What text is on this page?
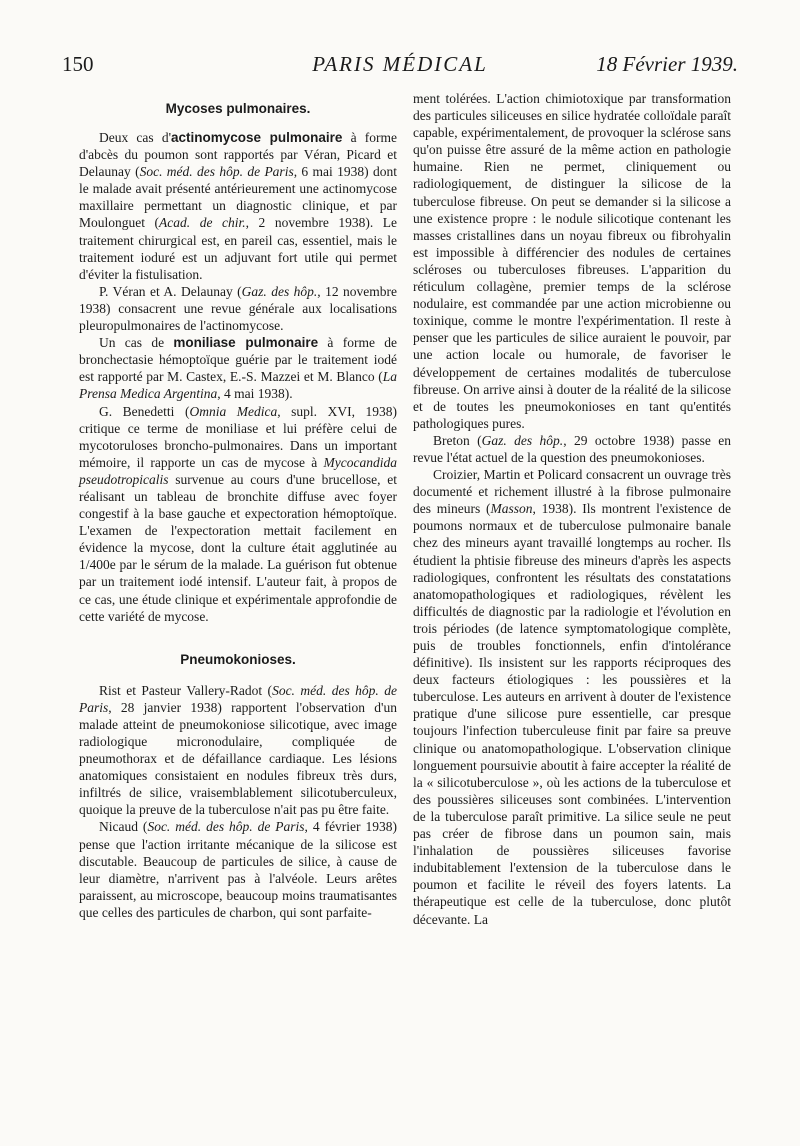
150	PARIS MÉDICAL	18 Février 1939.
Mycoses pulmonaires.

Deux cas d'actinomycose pulmonaire à forme d'abcès du poumon sont rapportés par Véran, Picard et Delaunay (Soc. méd. des hôp. de Paris, 6 mai 1938) dont le malade avait présenté antérieurement une actinomycose maxillaire permettant un diagnostic clinique, et par Moulonguet (Acad. de chir., 2 novembre 1938). Le traitement chirurgical est, en pareil cas, essentiel, mais le traitement ioduré est un adjuvant fort utile qui permet d'éviter la fistulisation.

P. Véran et A. Delaunay (Gaz. des hôp., 12 novembre 1938) consacrent une revue générale aux localisations pleuropulmonaires de l'actinomycose.

Un cas de moniliase pulmonaire à forme de bronchectasie hémoptoïque guérie par le traitement iodé est rapporté par M. Castex, E.-S. Mazzei et M. Blanco (La Prensa Medica Argentina, 4 mai 1938).

G. Benedetti (Omnia Medica, supl. XVI, 1938) critique ce terme de moniliase et lui préfère celui de mycotoruloses broncho-pulmonaires. Dans un important mémoire, il rapporte un cas de mycose à Mycocandida pseudotropicalis survenue au cours d'une brucellose, et réalisant un tableau de bronchite diffuse avec foyer congestif à la base gauche et expectoration hémoptoïque. L'examen de l'expectoration mettait facilement en évidence la mycose, dont la culture était agglutinée au 1/400e par le sérum de la malade. La guérison fut obtenue par un traitement iodé intensif. L'auteur fait, à propos de ce cas, une étude clinique et expérimentale approfondie de cette variété de mycose.

Pneumokonioses.

Rist et Pasteur Vallery-Radot (Soc. méd. des hôp. de Paris, 28 janvier 1938) rapportent l'observation d'un malade atteint de pneumokoniose silicotique, avec image radiologique micronodulaire, compliquée de pneumothorax et de défaillance cardiaque. Les lésions anatomiques consistaient en nodules fibreux très durs, infiltrés de silice, vraisemblablement silicotuberculeux, quoique la preuve de la tuberculose n'ait pas pu être faite.

Nicaud (Soc. méd. des hôp. de Paris, 4 février 1938) pense que l'action irritante mécanique de la silicose est discutable. Beaucoup de particules de silice, à cause de leur diamètre, n'arrivent pas à l'alvéole. Leurs arêtes paraissent, au microscope, beaucoup moins traumatisantes que celles des particules de charbon, qui sont parfaite-

ment tolérées. L'action chimiotoxique par transformation des particules siliceuses en silice hydratée colloïdale paraît capable, expérimentalement, de provoquer la sclérose sans qu'on puisse être assuré de la même action en pathologie humaine. Rien ne permet, cliniquement ou radiologiquement, de distinguer la silicose de la tuberculose fibreuse. On peut se demander si la silicose a une existence propre : le nodule silicotique contenant les masses cristallines dans un noyau fibreux ou fibrohyalin est impossible à différencier des nodules de certaines scléroses ou tuberculoses fibreuses. L'apparition du réticulum collagène, premier temps de la sclérose nodulaire, est commandée par une action microbienne ou toxinique, comme le montre l'expérimentation. Il reste à penser que les particules de silice auraient le pouvoir, par une action locale ou humorale, de favoriser le développement de certaines modalités de tuberculose fibreuse. On arrive ainsi à douter de la réalité de la silicose et de toutes les pneumokonioses en tant qu'entités pathologiques pures.

Breton (Gaz. des hôp., 29 octobre 1938) passe en revue l'état actuel de la question des pneumokonioses.

Croizier, Martin et Policard consacrent un ouvrage très documenté et richement illustré à la fibrose pulmonaire des mineurs (Masson, 1938). Ils montrent l'existence de poumons normaux et de tuberculose pulmonaire banale chez des mineurs ayant travaillé longtemps au rocher. Ils étudient la phtisie fibreuse des mineurs d'après les aspects radiologiques, confrontent les résultats des constatations anatomopathologiques et radiologiques, révèlent les difficultés de diagnostic par la radiologie et l'évolution en trois périodes (de latence symptomatologique complète, puis de troubles fonctionnels, enfin d'intolérance définitive). Ils insistent sur les rapports réciproques des deux facteurs étiologiques : les poussières et la tuberculose. Les auteurs en arrivent à douter de l'existence pratique d'une silicose pure essentielle, car presque toujours l'infection tuberculeuse finit par faire sa preuve clinique ou anatomopathologique. L'observation clinique longuement poursuivie aboutit à faire accepter la réalité de la « silicotuberculose », où les actions de la tuberculose et des poussières siliceuses sont combinées. L'intervention de la tuberculose paraît primitive. La silice seule ne peut pas créer de fibrose dans un poumon sain, mais l'inhalation de poussières siliceuses favorise indubitablement l'extension de la tuberculose dans le poumon et facilite le réveil des foyers latents. La thérapeutique est celle de la tuberculose, donc plutôt décevante. La
